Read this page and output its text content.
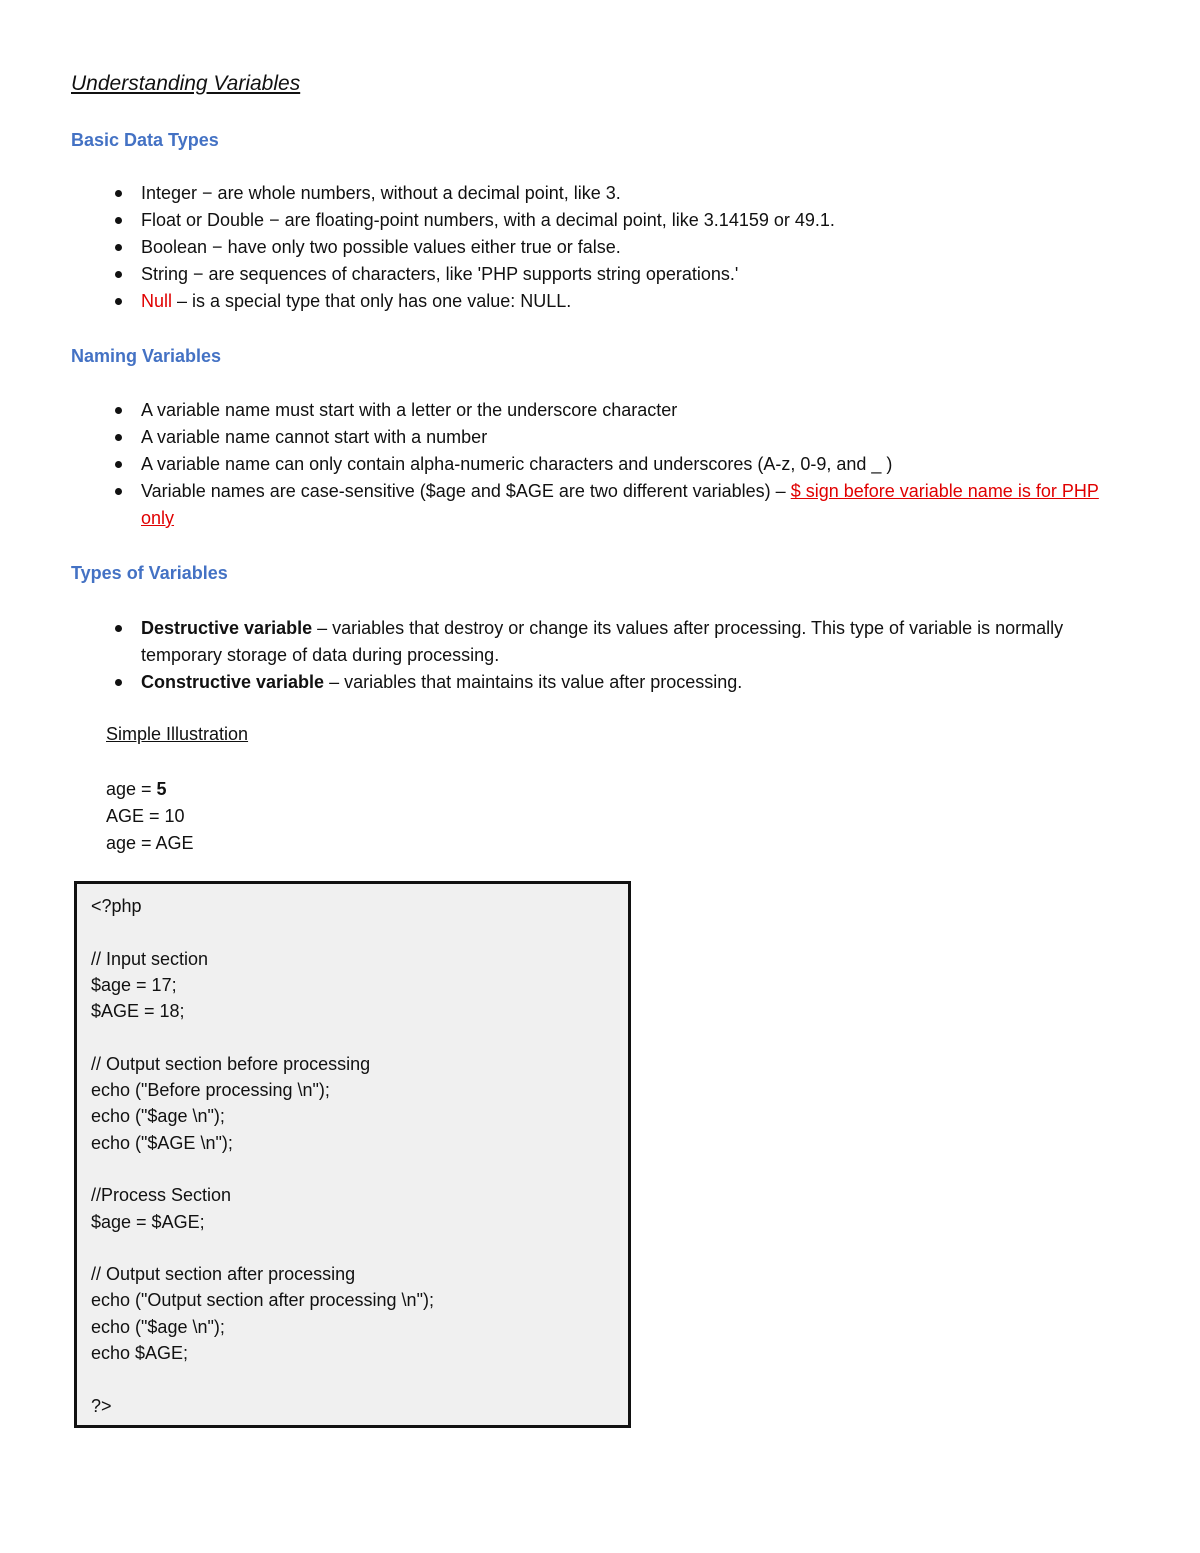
Understanding Variables
Basic Data Types
Integer − are whole numbers, without a decimal point, like 3.
Float or Double − are floating-point numbers, with a decimal point, like 3.14159 or 49.1.
Boolean − have only two possible values either true or false.
String − are sequences of characters, like 'PHP supports string operations.'
Null – is a special type that only has one value: NULL.
Naming Variables
A variable name must start with a letter or the underscore character
A variable name cannot start with a number
A variable name can only contain alpha-numeric characters and underscores (A-z, 0-9, and _ )
Variable names are case-sensitive ($age and $AGE are two different variables) – $ sign before variable name is for PHP only
Types of Variables
Destructive variable – variables that destroy or change its values after processing. This type of variable is normally temporary storage of data during processing.
Constructive variable – variables that maintains its value after processing.
Simple Illustration
age = 5
AGE = 10
age = AGE
<?php
// Input section
$age = 17;
$AGE = 18;
// Output section before processing
echo ("Before processing \n");
echo ("$age \n");
echo ("$AGE \n");
//Process Section
$age = $AGE;
// Output section after processing
echo ("Output section after processing \n");
echo ("$age \n");
echo $AGE;
?>
